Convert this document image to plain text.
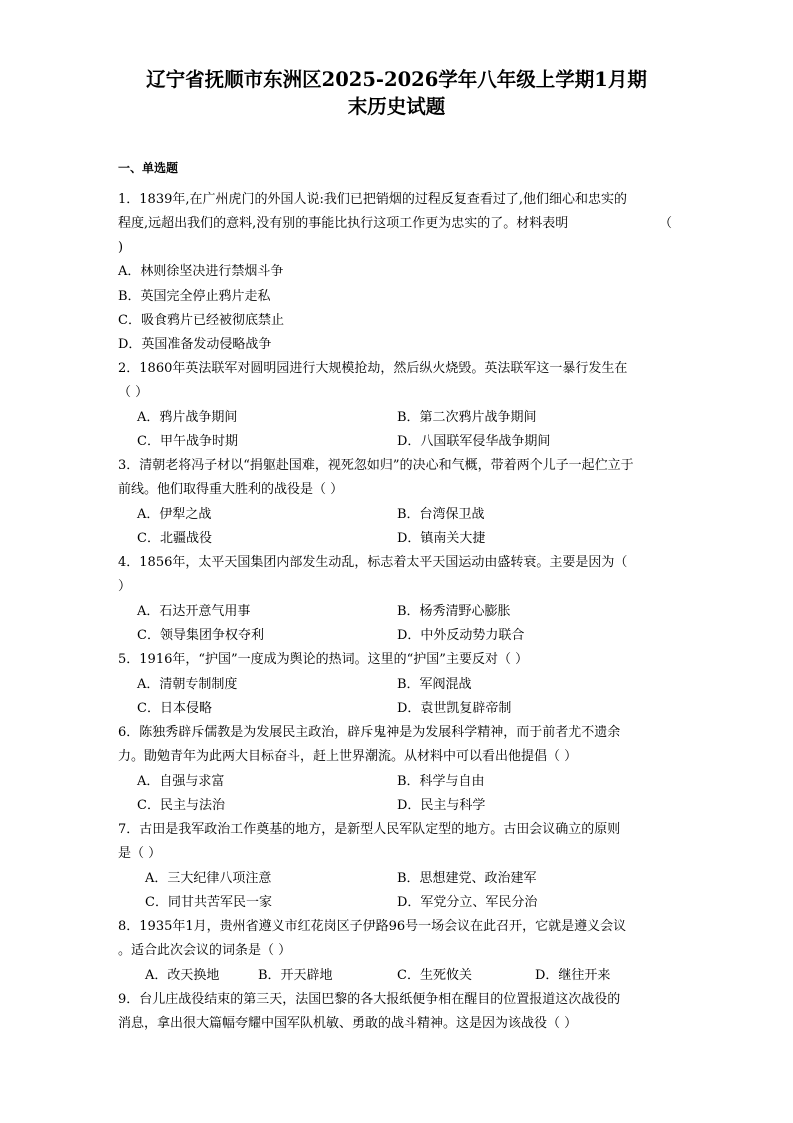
辽宁省抚顺市东洲区2025-2026学年八年级上学期1月期
末历史试题
一、单选题
1．1839年,在广州虎门的外国人说:我们已把销烟的过程反复查看过了,他们细心和忠实的
程度,远超出我们的意料,没有别的事能比执行这项工作更为忠实的了。材料表明	（
)
A．林则徐坚决进行禁烟斗争
B．英国完全停止鸦片走私
C．吸食鸦片已经被彻底禁止
D．英国准备发动侵略战争
2．1860年英法联军对圆明园进行大规模抢劫，然后纵火烧毁。英法联军这一暴行发生在
（ ）
A．鸦片战争期间	B．第二次鸦片战争期间
C．甲午战争时期	D．八国联军侵华战争期间
3．清朝老将冯子材以“捐躯赴国难，视死忽如归”的决心和气概，带着两个儿子一起伫立于
前线。他们取得重大胜利的战役是（ ）
A．伊犁之战	B．台湾保卫战
C．北疆战役	D．镇南关大捷
4．1856年，太平天国集团内部发生动乱，标志着太平天国运动由盛转衰。主要是因为（
）
A．石达开意气用事	B．杨秀清野心膨胀
C．领导集团争权夺利	D．中外反动势力联合
5．1916年，“护国”一度成为舆论的热词。这里的“护国”主要反对（ ）
A．清朝专制制度	B．军阀混战
C．日本侵略	D．袁世凯复辟帝制
6．陈独秀辟斥儒教是为发展民主政治，辟斥鬼神是为发展科学精神，而于前者尤不遗余
力。勖勉青年为此两大目标奋斗，赶上世界潮流。从材料中可以看出他提倡（ ）
A．自强与求富	B．科学与自由
C．民主与法治	D．民主与科学
7．古田是我军政治工作奠基的地方，是新型人民军队定型的地方。古田会议确立的原则
是（ ）
A．三大纪律八项注意	B．思想建党、政治建军
C．同甘共苦军民一家	D．军党分立、军民分治
8．1935年1月，贵州省遵义市红花岗区子伊路96号一场会议在此召开，它就是遵义会议
。适合此次会议的词条是（ ）
A．改天换地	B．开天辟地	C．生死攸关	D．继往开来
9．台儿庄战役结束的第三天，法国巴黎的各大报纸便争相在醒目的位置报道这次战役的
消息，拿出很大篇幅夸耀中国军队机敏、勇敢的战斗精神。这是因为该战役（ ）
